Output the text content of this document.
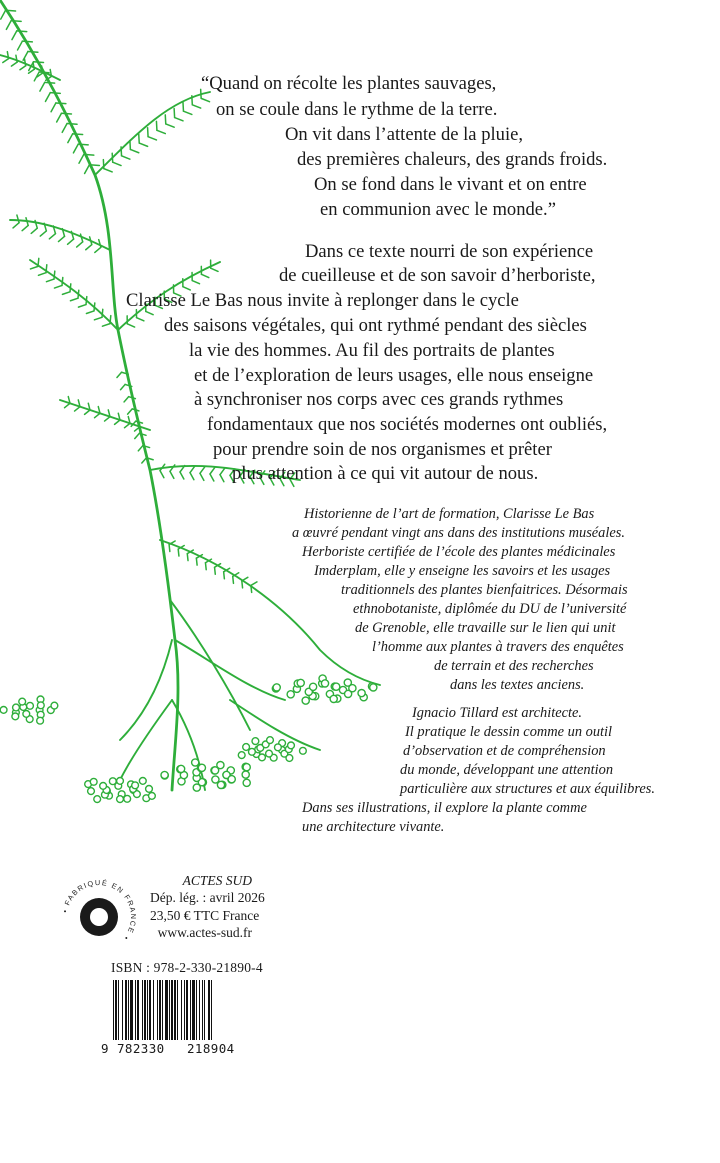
“Quand on récolte les plantes sauvages,
on se coule dans le rythme de la terre.
On vit dans l’attente de la pluie,
des premières chaleurs, des grands froids.
On se fond dans le vivant et on entre
en communion avec le monde.”
Dans ce texte nourri de son expérience
de cueilleuse et de son savoir d’herboriste,
Clarisse Le Bas nous invite à replonger dans le cycle
des saisons végétales, qui ont rythmé pendant des siècles
la vie des hommes. Au fil des portraits de plantes
et de l’exploration de leurs usages, elle nous enseigne
à synchroniser nos corps avec ces grands rythmes
fondamentaux que nos sociétés modernes ont oubliés,
pour prendre soin de nos organismes et prêter
plus attention à ce qui vit autour de nous.
Historienne de l’art de formation, Clarisse Le Bas
a œuvré pendant vingt ans dans des institutions muséales.
Herboriste certifiée de l’école des plantes médicinales
Imderplam, elle y enseigne les savoirs et les usages
traditionnels des plantes bienfaitrices. Désormais
ethnobotaniste, diplômée du DU de l’université
de Grenoble, elle travaille sur le lien qui unit
l’homme aux plantes à travers des enquêtes
de terrain et des recherches
dans les textes anciens.
Ignacio Tillard est architecte.
Il pratique le dessin comme un outil
d’observation et de compréhension
du monde, développant une attention
particulière aux structures et aux équilibres.
Dans ses illustrations, il explore la plante comme
une architecture vivante.
• FABRIQUÉ EN FRANCE •
ACTES SUD
Dép. lég. : avril 2026
23,50 € TTC France
www.actes-sud.fr
ISBN : 978-2-330-21890-4
9 782330 218904
